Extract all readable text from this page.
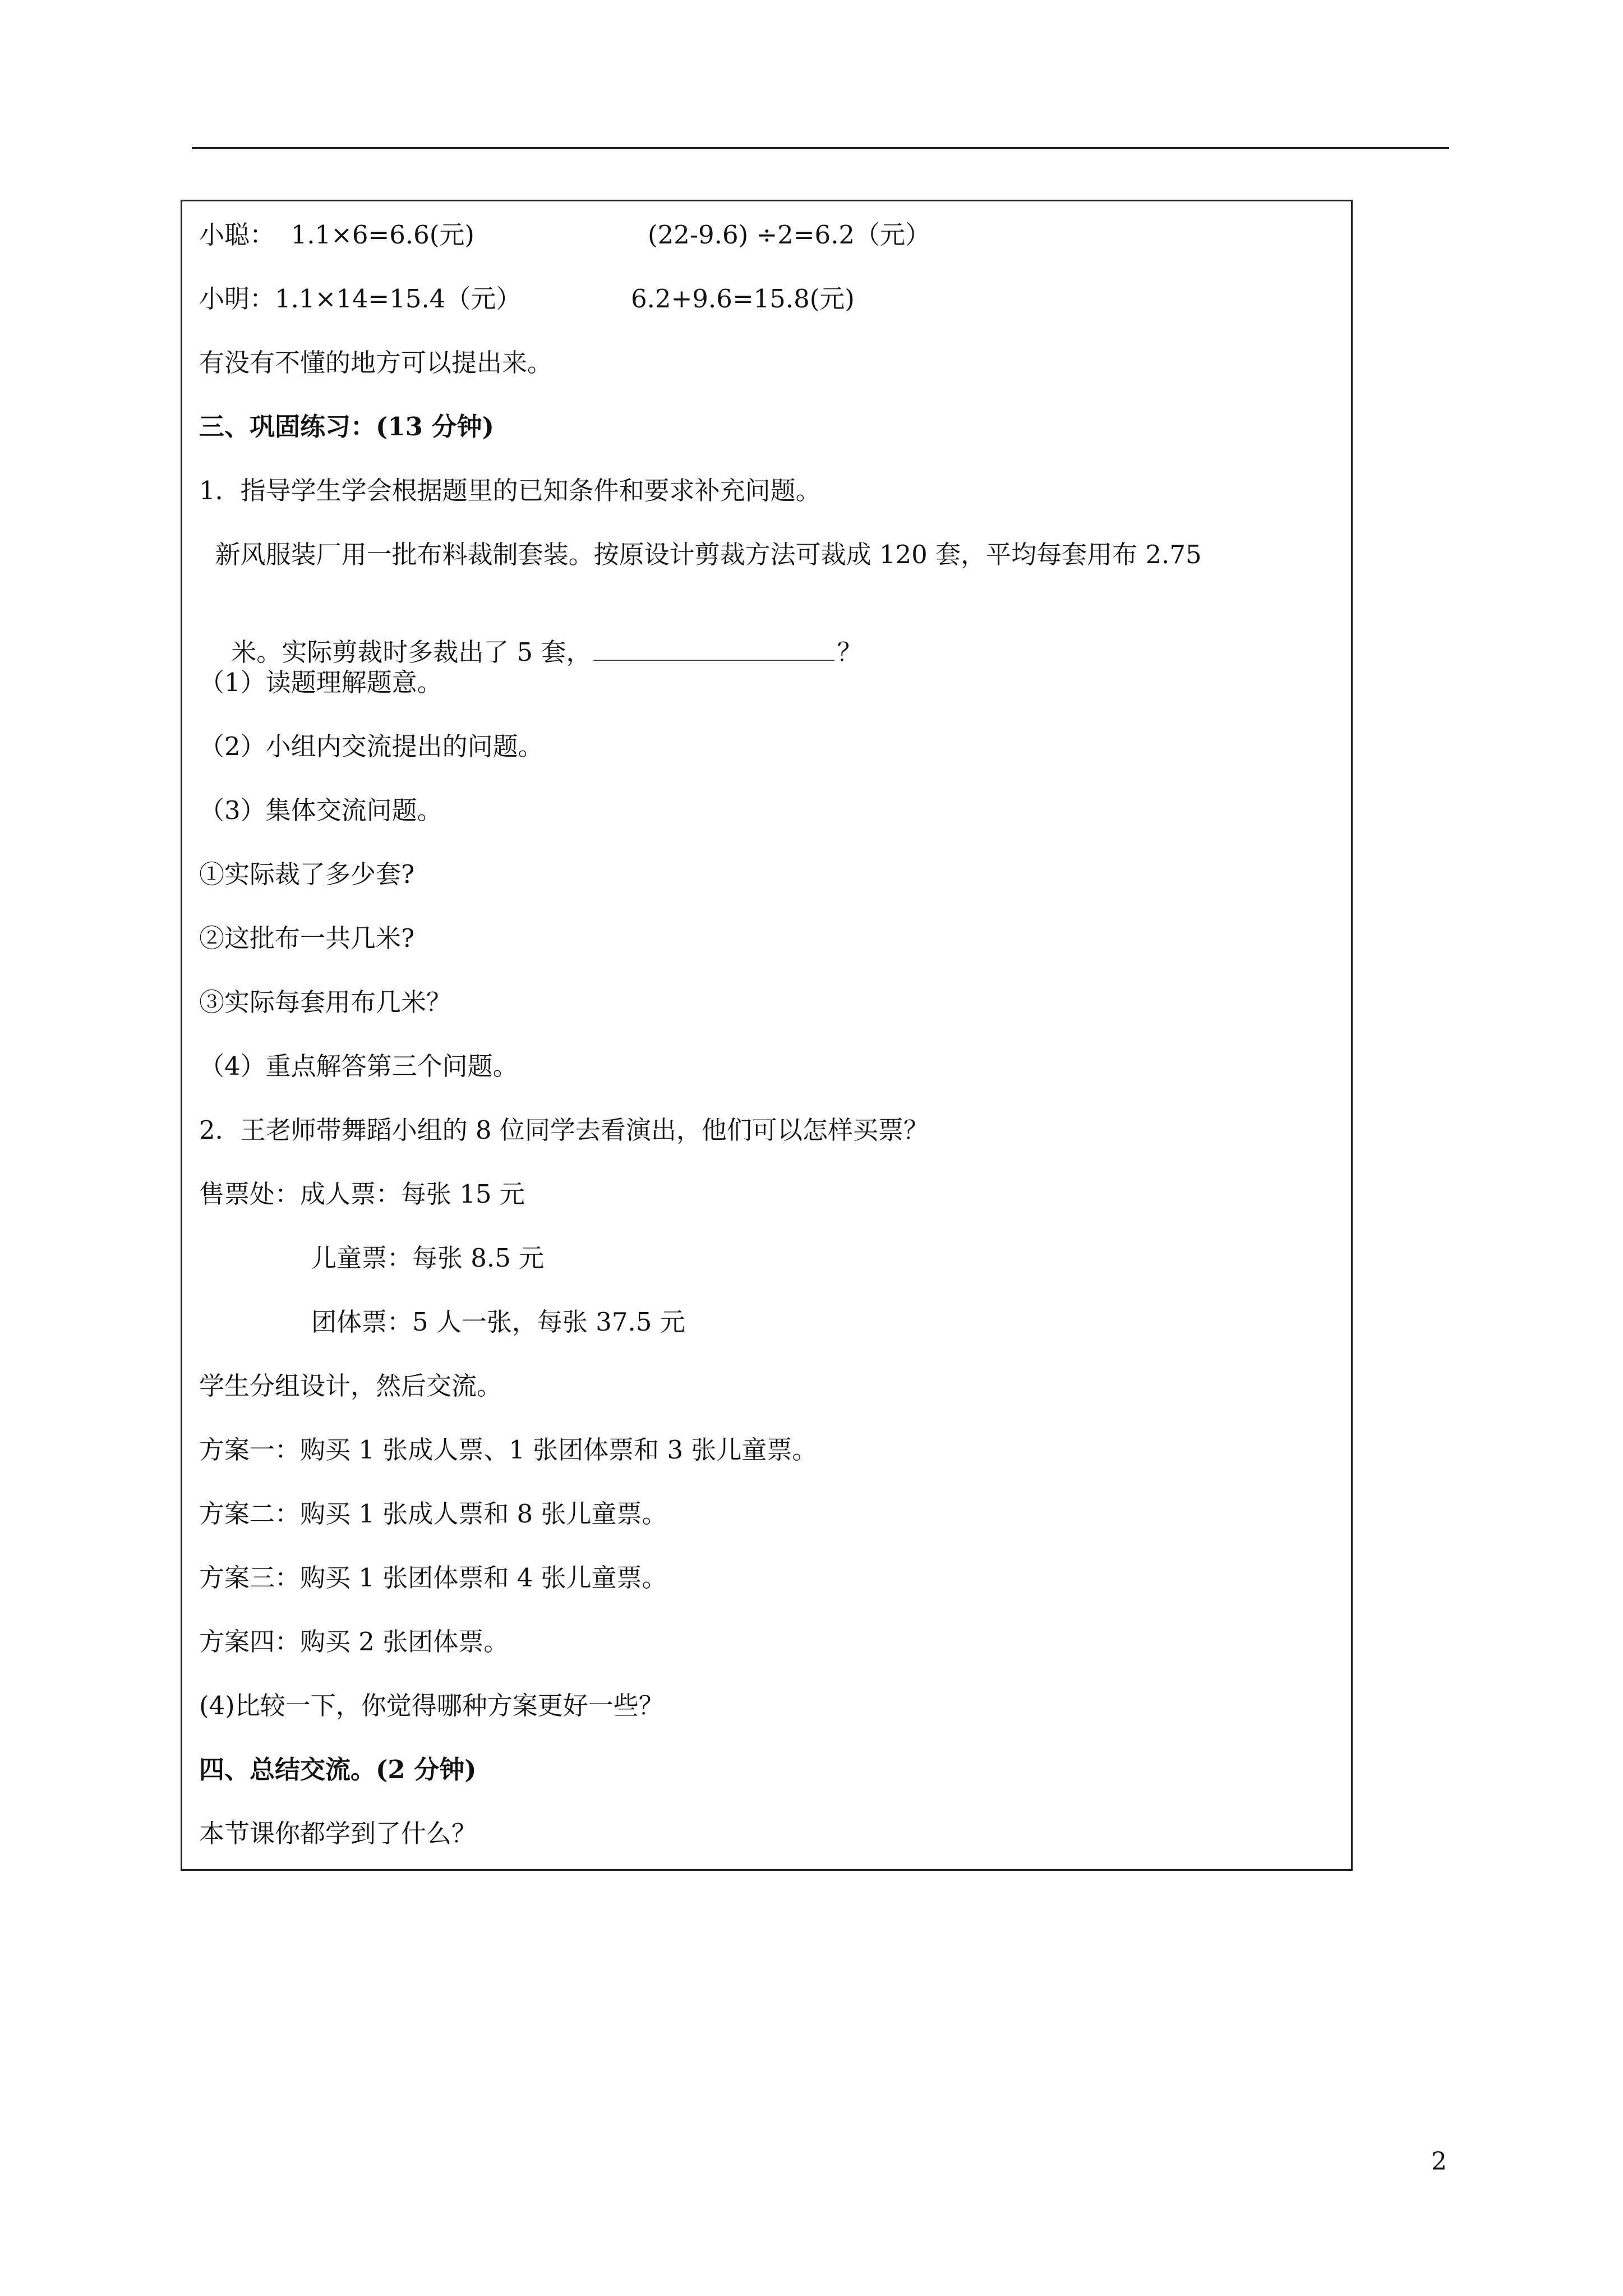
小聪：  1.1×6=6.6(元)

	(22-9.6) ÷2=6.2（元）

小明：1.1×14=15.4（元）

	6.2+9.6=15.8(元)

有没有不懂的地方可以提出来。
三、巩固练习：(13 分钟)
1．指导学生学会根据题里的已知条件和要求补充问题。
新风服装厂用一批布料裁制套装。按原设计剪裁方法可裁成 120 套，平均每套用布 2.75

米。实际剪裁时多裁出了 5 套，	？

（1）读题理解题意。
（2）小组内交流提出的问题。
（3）集体交流问题。
①实际裁了多少套?
②这批布一共几米?
③实际每套用布几米？
（4）重点解答第三个问题。
2．王老师带舞蹈小组的 8 位同学去看演出，他们可以怎样买票？
售票处：成人票：每张 15 元
儿童票：每张 8.5 元
团体票：5 人一张，每张 37.5 元
学生分组设计，然后交流。
方案一：购买 1 张成人票、1 张团体票和 3 张儿童票。
方案二：购买 1 张成人票和 8 张儿童票。
方案三：购买 1 张团体票和 4 张儿童票。
方案四：购买 2 张团体票。
(4)比较一下，你觉得哪种方案更好一些？
四、总结交流。(2 分钟)
本节课你都学到了什么？
2
